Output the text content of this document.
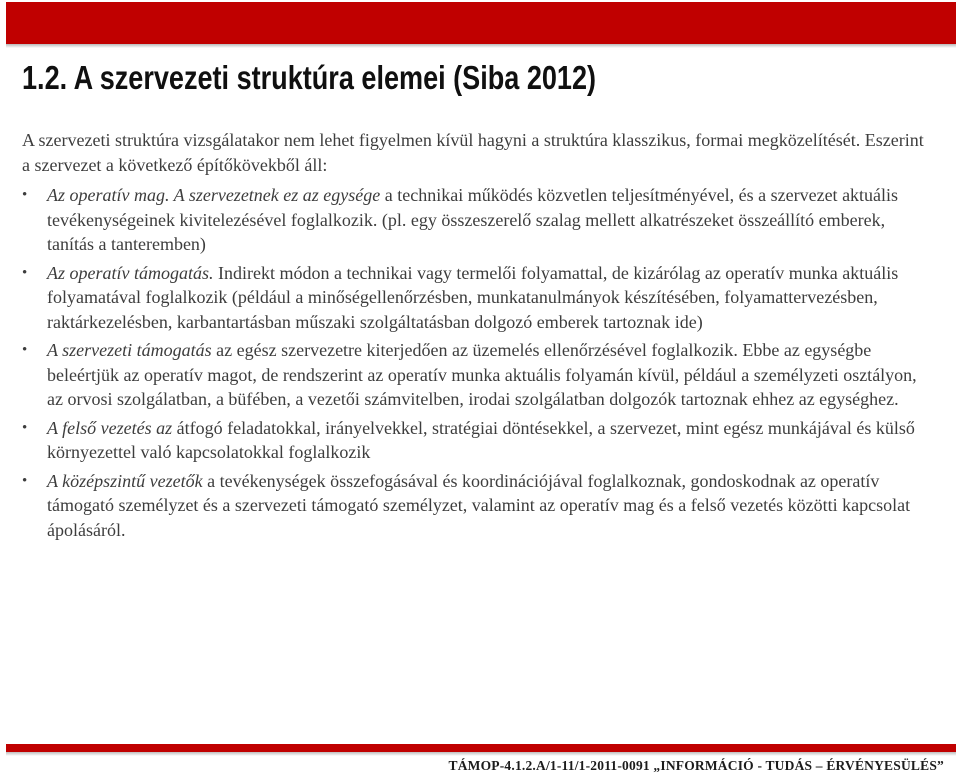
1.2. A szervezeti struktúra elemei (Siba 2012)

A szervezeti struktúra vizsgálatakor nem lehet figyelmen kívül hagyni a struktúra klasszikus, formai megközelítését. Eszerint a szervezet a következő építőkövekből áll:

• Az operatív mag. A szervezetnek ez az egysége a technikai működés közvetlen teljesítményével, és a szervezet aktuális tevékenységeinek kivitelezésével foglalkozik. (pl. egy összeszerelő szalag mellett alkatrészeket összeállító emberek, tanítás a tanteremben)
• Az operatív támogatás. Indirekt módon a technikai vagy termelői folyamattal, de kizárólag az operatív munka aktuális folyamatával foglalkozik (például a minőségellenőrzésben, munkatanulmányok készítésében, folyamattervezésben, raktárkezelésben, karbantartásban műszaki szolgáltatásban dolgozó emberek tartoznak ide)
• A szervezeti támogatás az egész szervezetre kiterjedően az üzemelés ellenőrzésével foglalkozik. Ebbe az egységbe beleértjük az operatív magot, de rendszerint az operatív munka aktuális folyamán kívül, például a személyzeti osztályon, az orvosi szolgálatban, a büfében, a vezetői számvitelben, irodai szolgálatban dolgozók tartoznak ehhez az egységhez.
• A felső vezetés az átfogó feladatokkal, irányelvekkel, stratégiai döntésekkel, a szervezet, mint egész munkájával és külső környezettel való kapcsolatokkal foglalkozik
• A középszintű vezetők a tevékenységek összefogásával és koordinációjával foglalkoznak, gondoskodnak az operatív támogató személyzet és a szervezeti támogató személyzet, valamint az operatív mag és a felső vezetés közötti kapcsolat ápolásáról.
TÁMOP-4.1.2.A/1-11/1-2011-0091 „INFORMÁCIÓ - TUDÁS – ÉRVÉNYESÜLÉS”
